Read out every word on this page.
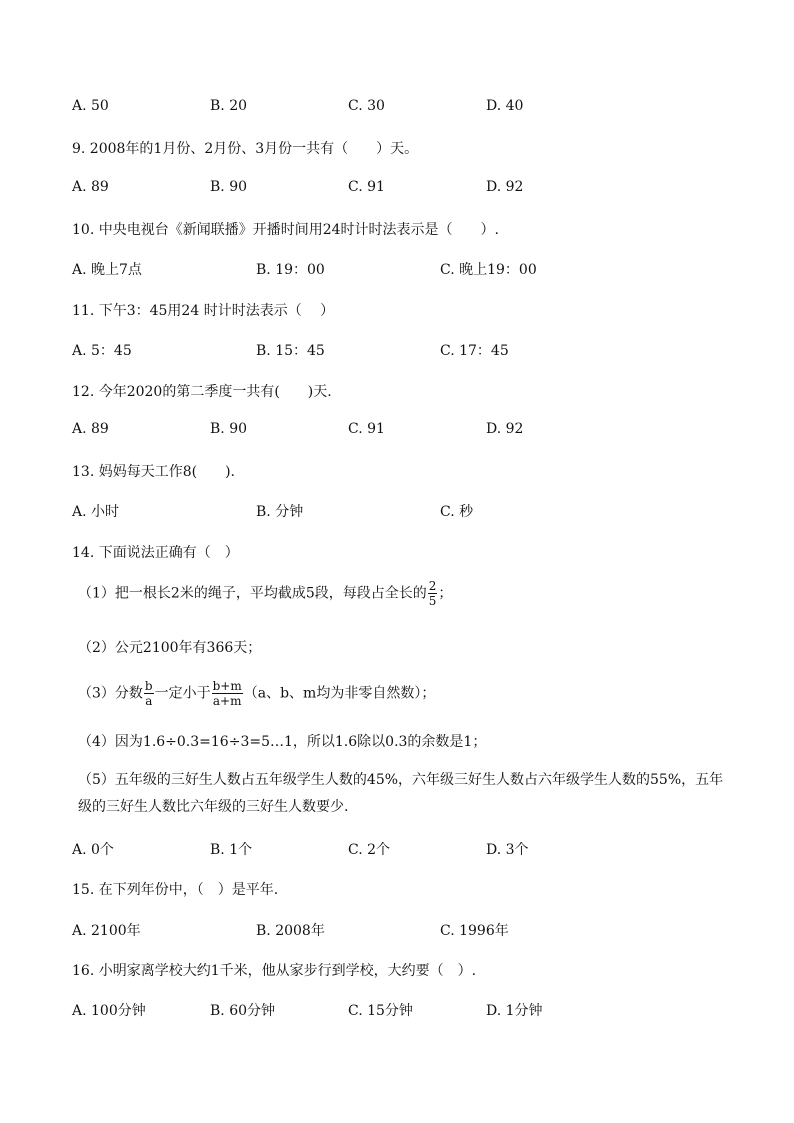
A. 50	B. 20	C. 30	D. 40
9. 2008年的1月份、2月份、3月份一共有（　　）天。
A. 89	B. 90	C. 91	D. 92
10. 中央电视台《新闻联播》开播时间用24时计时法表示是（　　）.
A. 晚上7点	B. 19：00	C. 晚上19：00
11. 下午3：45用24 时计时法表示（　 ）
A. 5：45	B. 15：45	C. 17：45
12. 今年2020的第二季度一共有(　　)天.
A. 89	B. 90	C. 91	D. 92
13. 妈妈每天工作8(　　).
A. 小时	B. 分钟	C. 秒
14. 下面说法正确有（　）
（1）把一根长2米的绳子，平均截成5段，每段占全长的 $\frac{2}{5}$ ；
（2）公元2100年有366天；
（3）分数 $\frac{b}{a}$ 一定小于 $\frac{b+m}{a+m} (a$、b、m均为非零自然数）；
（4）因为1.6÷0.3=16÷3=5…1，所以1.6除以0.3的余数是1；
（5）五年级的三好生人数占五年级学生人数的45%，六年级三好生人数占六年级学生人数的55%，五年级的三好生人数比六年级的三好生人数要少.
A. 0个	B. 1个	C. 2个	D. 3个
15. 在下列年份中，（　）是平年.
A. 2100年	B. 2008年	C. 1996年
16. 小明家离学校大约1千米，他从家步行到学校，大约要（　）.
A. 100分钟	B. 60分钟	C. 15分钟	D. 1分钟
